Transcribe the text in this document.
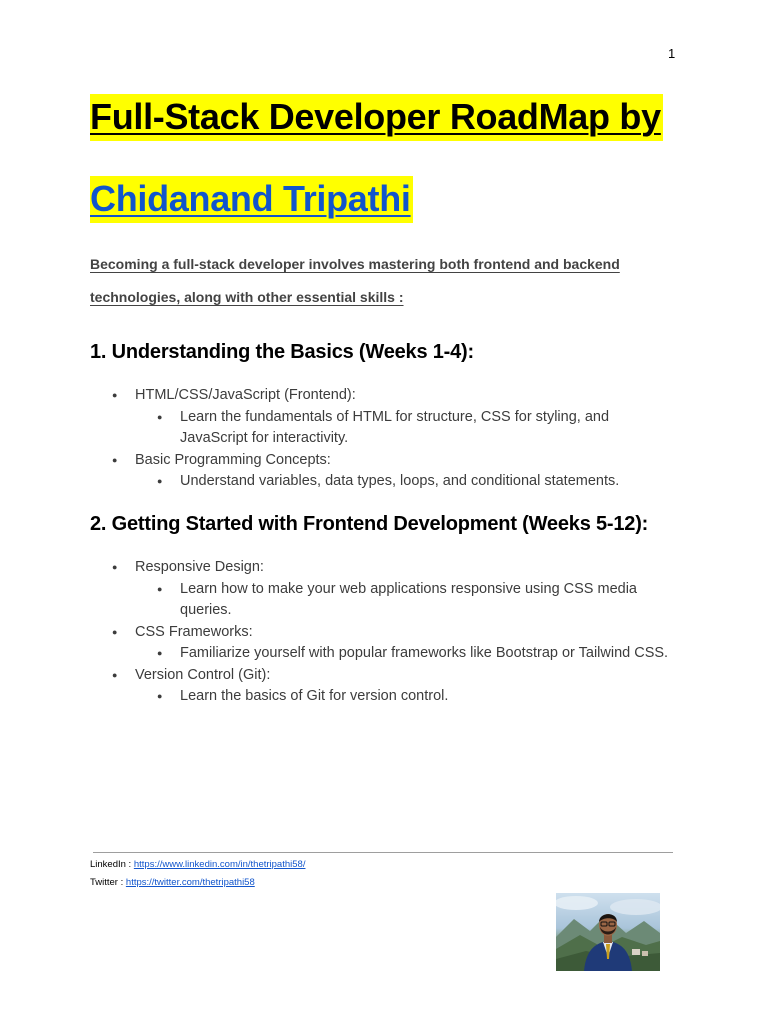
1
Full-Stack Developer RoadMap by
Chidanand Tripathi

Becoming a full-stack developer involves mastering both frontend and backend

technologies, along with other essential skills :

1. Understanding the Basics (Weeks 1-4):
● HTML/CSS/JavaScript (Frontend):
● Learn the fundamentals of HTML for structure, CSS for styling, and JavaScript for interactivity.
● Basic Programming Concepts:
● Understand variables, data types, loops, and conditional statements.
2. Getting Started with Frontend Development (Weeks 5-12):
● Responsive Design:
● Learn how to make your web applications responsive using CSS media queries.
● CSS Frameworks:
● Familiarize yourself with popular frameworks like Bootstrap or Tailwind CSS.
● Version Control (Git):
● Learn the basics of Git for version control.
LinkedIn : https://www.linkedin.com/in/thetripathi58/
Twitter : https://twitter.com/thetripathi58
